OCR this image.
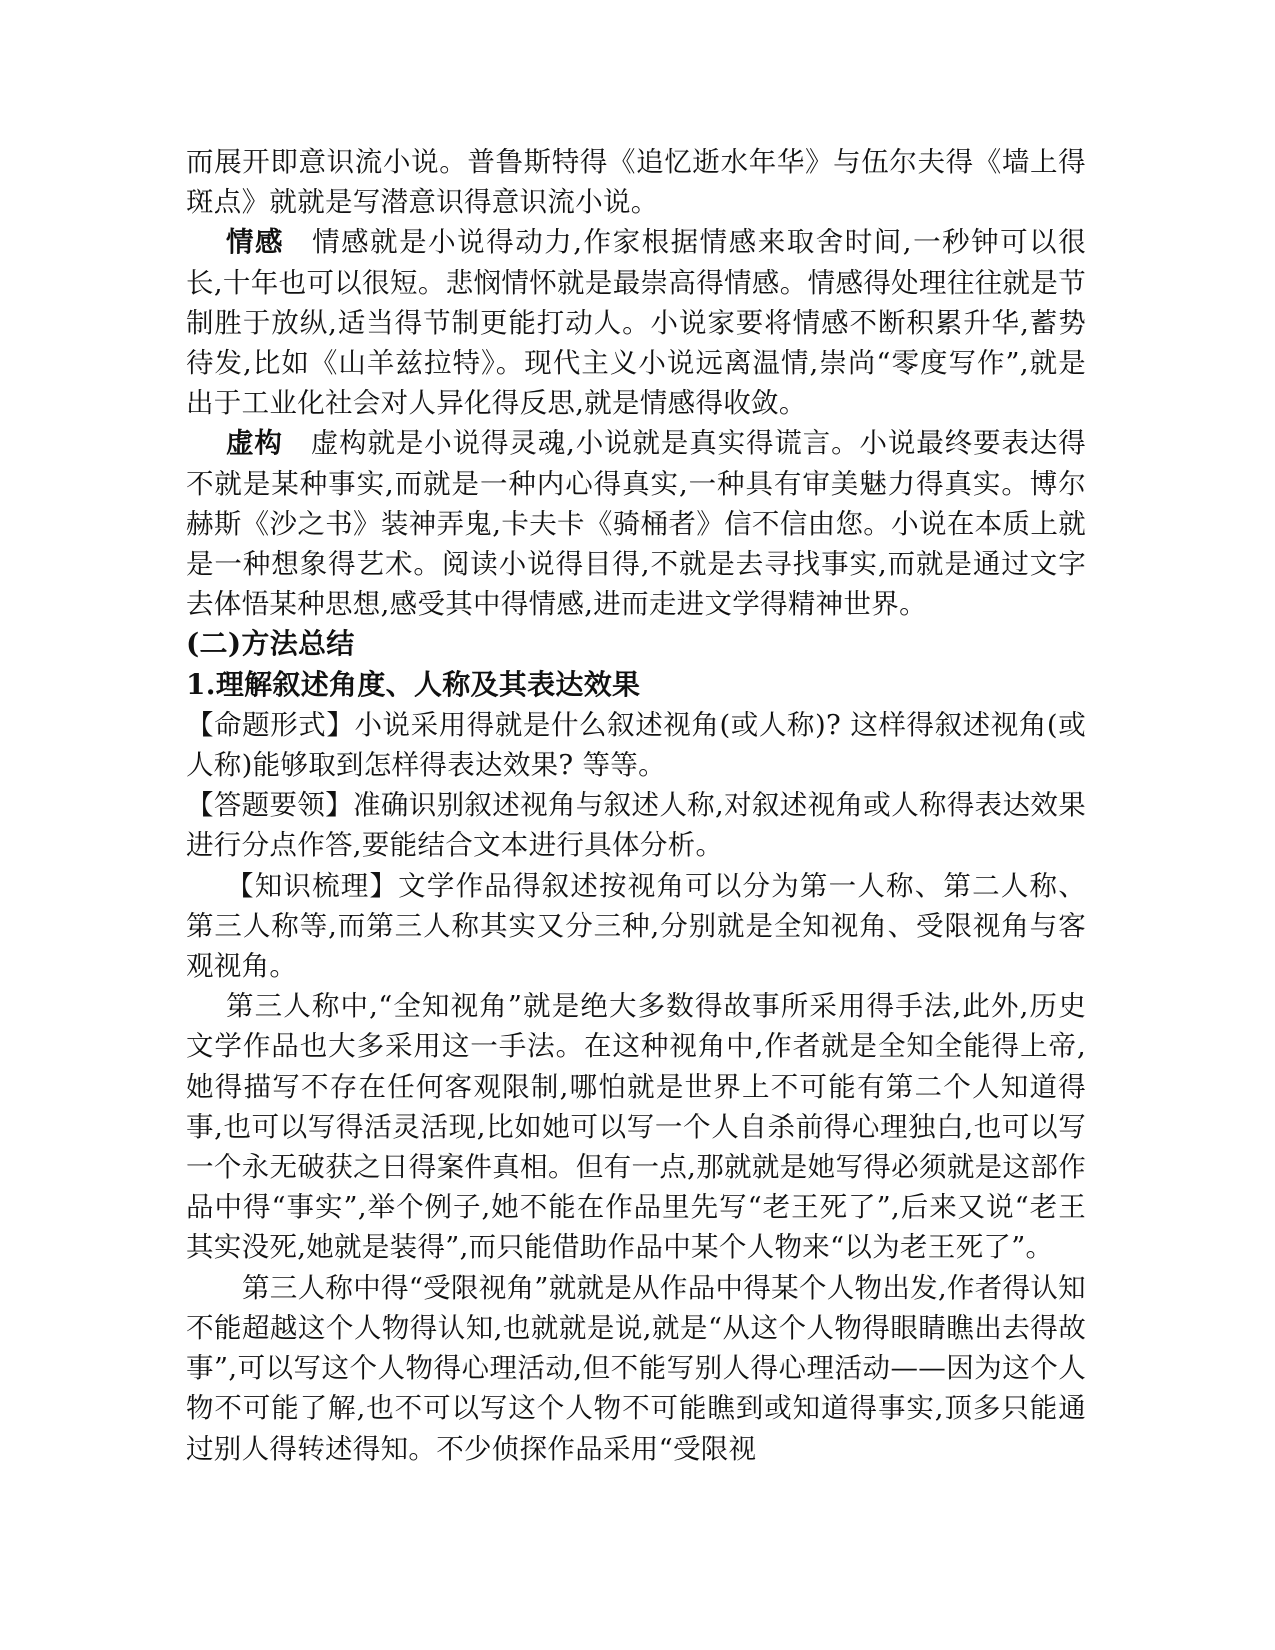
而展开即意识流小说。普鲁斯特得《追忆逝水年华》与伍尔夫得《墙上得斑点》就就是写潜意识得意识流小说。

情感 情感就是小说得动力,作家根据情感来取舍时间,一秒钟可以很长,十年也可以很短。悲悯情怀就是最崇高得情感。情感得处理往往就是节制胜于放纵,适当得节制更能打动人。小说家要将情感不断积累升华,蓄势待发,比如《山羊兹拉特》。现代主义小说远离温情,崇尚“零度写作”,就是出于工业化社会对人异化得反思,就是情感得收敛。

虚构 虚构就是小说得灵魂,小说就是真实得谎言。小说最终要表达得不就是某种事实,而就是一种内心得真实,一种具有审美魅力得真实。博尔赫斯《沙之书》装神弄鬼,卡夫卡《骑桶者》信不信由您。小说在本质上就是一种想象得艺术。阅读小说得目得,不就是去寻找事实,而就是通过文字去体悟某种思想,感受其中得情感,进而走进文学得精神世界。

(二)方法总结

1.理解叙述角度、人称及其表达效果

【命题形式】小说采用得就是什么叙述视角(或人称)? 这样得叙述视角(或人称)能够取到怎样得表达效果? 等等。

【答题要领】准确识别叙述视角与叙述人称,对叙述视角或人称得表达效果进行分点作答,要能结合文本进行具体分析。

【知识梳理】文学作品得叙述按视角可以分为第一人称、第二人称、第三人称等,而第三人称其实又分三种,分别就是全知视角、受限视角与客观视角。

第三人称中,“全知视角”就是绝大多数得故事所采用得手法,此外,历史文学作品也大多采用这一手法。在这种视角中,作者就是全知全能得上帝,她得描写不存在任何客观限制,哪怕就是世界上不可能有第二个人知道得事,也可以写得活灵活现,比如她可以写一个人自杀前得心理独白,也可以写一个永无破获之日得案件真相。但有一点,那就就是她写得必须就是这部作品中得“事实”,举个例子,她不能在作品里先写“老王死了”,后来又说“老王其实没死,她就是装得”,而只能借助作品中某个人物来“以为老王死了”。

第三人称中得“受限视角”就就是从作品中得某个人物出发,作者得认知不能超越这个人物得认知,也就就是说,就是“从这个人物得眼睛瞧出去得故事”,可以写这个人物得心理活动,但不能写别人得心理活动——因为这个人物不可能了解,也不可以写这个人物不可能瞧到或知道得事实,顶多只能通过别人得转述得知。不少侦探作品采用“受限视
